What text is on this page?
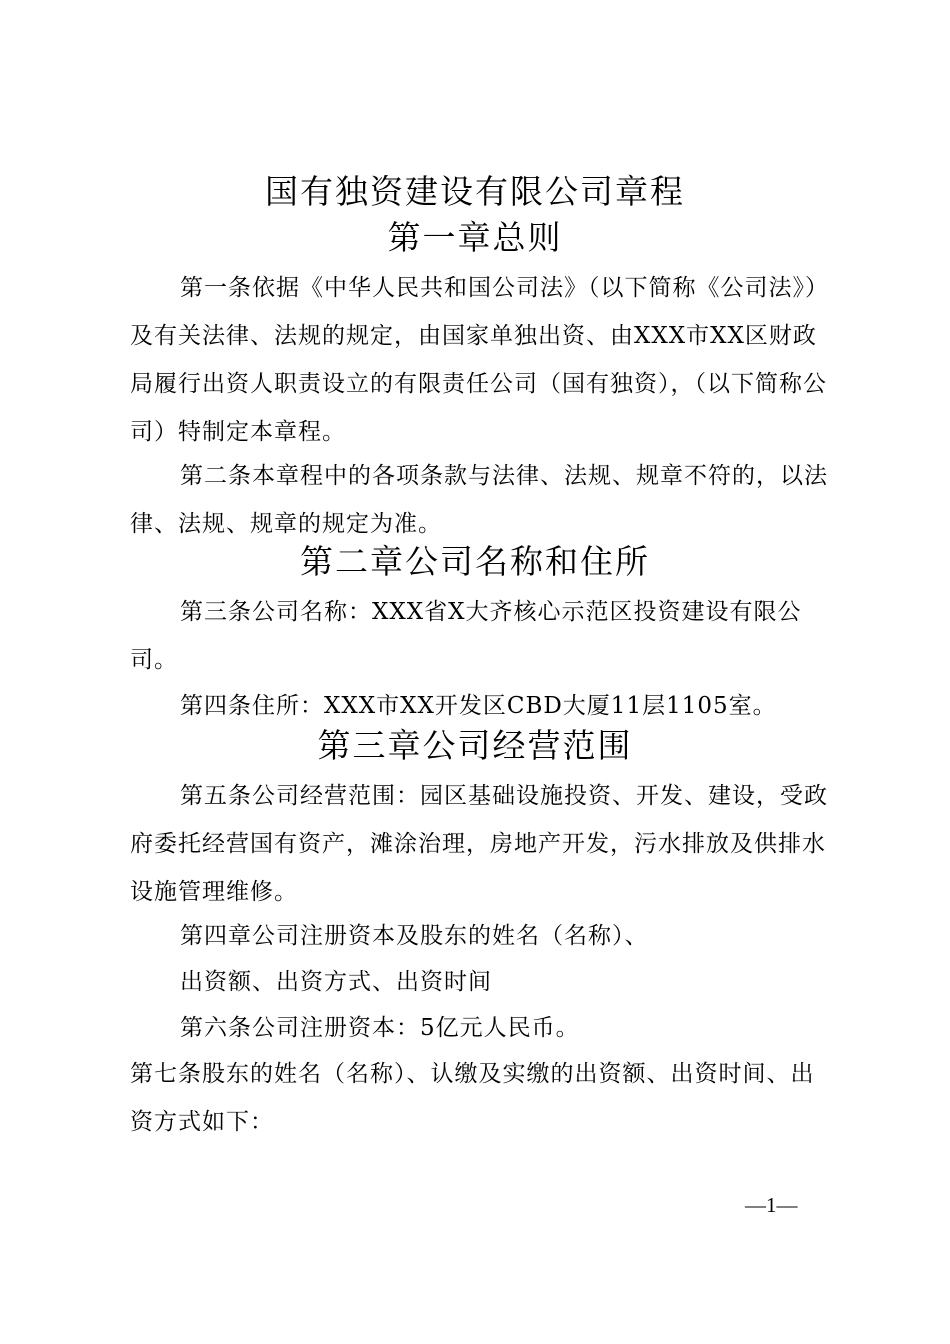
国有独资建设有限公司章程
第一章总则
第一条依据《中华人民共和国公司法》（以下简称《公司法》）及有关法律、法规的规定，由国家单独出资、由XXX市XX区财政局履行出资人职责设立的有限责任公司（国有独资），（以下简称公司）特制定本章程。
第二条本章程中的各项条款与法律、法规、规章不符的，以法律、法规、规章的规定为准。
第二章公司名称和住所
第三条公司名称：XXX省X大齐核心示范区投资建设有限公司。
第四条住所：XXX市XX开发区CBD大厦11层1105室。
第三章公司经营范围
第五条公司经营范围：园区基础设施投资、开发、建设，受政府委托经营国有资产，滩涂治理，房地产开发，污水排放及供排水设施管理维修。
第四章公司注册资本及股东的姓名（名称）、
出资额、出资方式、出资时间
第六条公司注册资本：5亿元人民币。
第七条股东的姓名（名称）、认缴及实缴的出资额、出资时间、出资方式如下：
—1—
